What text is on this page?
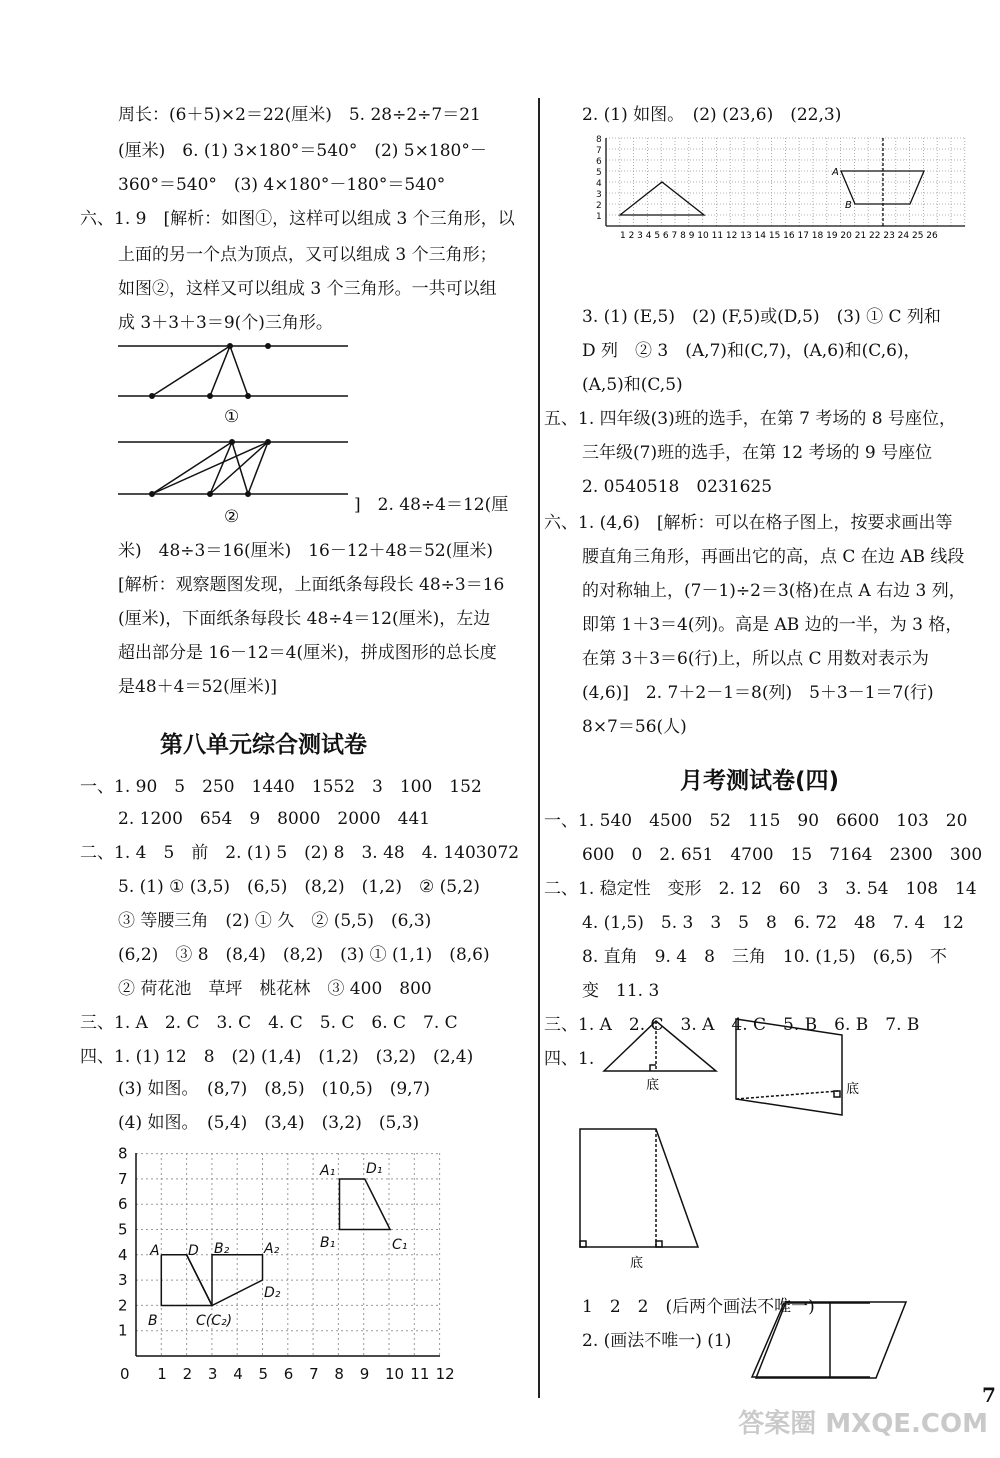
周长：(6＋5)×2＝22(厘米)　5. 28÷2÷7＝21
(厘米)　6. (1) 3×180°＝540°　(2) 5×180°－
360°＝540°　(3) 4×180°－180°＝540°
六、1. 9　[解析：如图①，这样可以组成 3 个三角形，以
上面的另一个点为顶点，又可以组成 3 个三角形；
如图②，这样又可以组成 3 个三角形。一共可以组
成 3＋3＋3＝9(个)三角形。
①
②
]　2. 48÷4＝12(厘
米)　48÷3＝16(厘米)　16－12＋48＝52(厘米)
[解析：观察题图发现，上面纸条每段长 48÷3＝16
(厘米)，下面纸条每段长 48÷4＝12(厘米)，左边
超出部分是 16－12＝4(厘米)，拼成图形的总长度
是48＋4＝52(厘米)]
第八单元综合测试卷
一、1. 90　5　250　1440　1552　3　100　152
2. 1200　654　9　8000　2000　441
二、1. 4　5　前　2. (1) 5　(2) 8　3. 48　4. 1403072
5. (1) ① (3,5)　(6,5)　(8,2)　(1,2)　② (5,2)
③ 等腰三角　(2) ① 久　② (5,5)　(6,3)
(6,2)　③ 8　(8,4)　(8,2)　(3) ① (1,1)　(8,6)
② 荷花池　草坪　桃花林　③ 400　800
三、1. A　2. C　3. C　4. C　5. C　6. C　7. C
四、1. (1) 12　8　(2) (1,4)　(1,2)　(3,2)　(2,4)
(3) 如图。　(8,7)　(8,5)　(10,5)　(9,7)
(4) 如图。　(5,4)　(3,4)　(3,2)　(5,3)
A₁ D₁
B₁	C₁
A D B₂ A₂
D₂
B	C(C₂)
0 1 2 3 4 5 6 7 8 9 10 11 12
1
2
3
4
5
6
7
8
2. (1) 如图。　(2) (23,6)　(22,3)
A
B
1
2
3
4
5
6
7
8
1 2 3 4 5 6 7 8 9 10 11 12 13 14 15 16 17 18 19 20 21 22 23 24 25 26
3. (1) (E,5)　(2) (F,5)或(D,5)　(3) ① C 列和
D 列　② 3　(A,7)和(C,7)，(A,6)和(C,6)，
(A,5)和(C,5)
五、1. 四年级(3)班的选手，在第 7 考场的 8 号座位，
三年级(7)班的选手，在第 12 考场的 9 号座位
2. 0540518　0231625
六、1. (4,6)　[解析：可以在格子图上，按要求画出等
腰直角三角形，再画出它的高，点 C 在边 AB 线段
的对称轴上，(7－1)÷2＝3(格)在点 A 右边 3 列，
即第 1＋3＝4(列)。高是 AB 边的一半，为 3 格，
在第 3＋3＝6(行)上，所以点 C 用数对表示为
(4,6)]　2. 7＋2－1＝8(列)　5＋3－1＝7(行)
8×7＝56(人)
月考测试卷(四)
一、1. 540　4500　52　115　90　6600　103　20
600　0　2. 651　4700　15　7164　2300　300
二、1. 稳定性　变形　2. 12　60　3　3. 54　108　14
4. (1,5)　5. 3　3　5　8　6. 72　48　7. 4　12
8. 直角　9. 4　8　三角　10. (1,5)　(6,5)　不
变　11. 3
三、1. A　2. C　3. A　4. C　5. B　6. B　7. B
四、1.
1　2　2　(后两个画法不唯一)
2. (画法不唯一) (1)
底	底
底
7
答案圈 MXQE.COM
